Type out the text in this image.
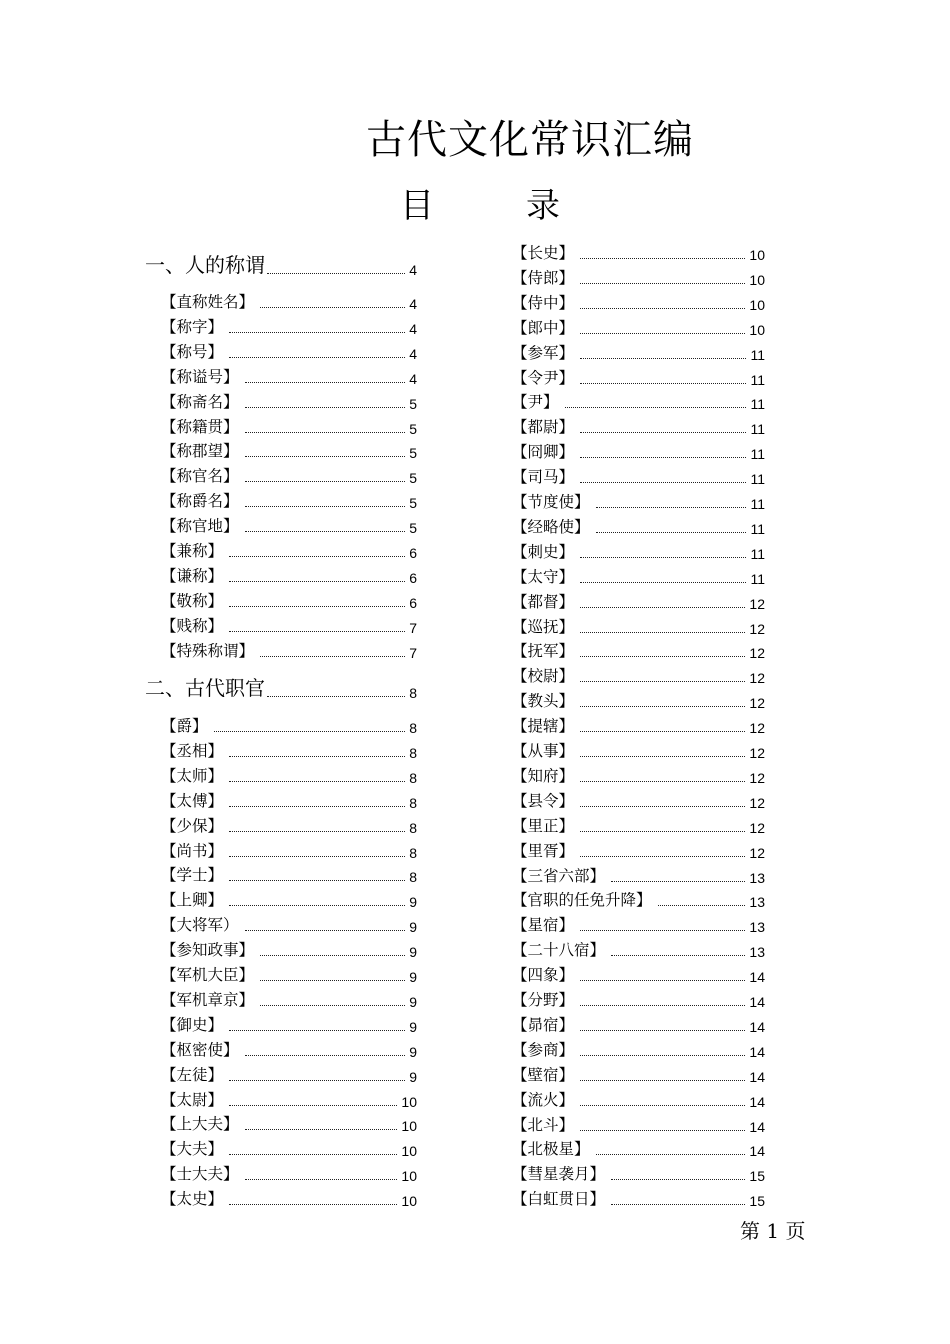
古代文化常识汇编
目	录
一、人的称谓	4
【直称姓名】	4
【称字】	4
【称号】	4
【称谥号】	4
【称斋名】	5
【称籍贯】	5
【称郡望】	5
【称官名】	5
【称爵名】	5
【称官地】	5
【兼称】	6
【谦称】	6
【敬称】	6
【贱称】	7
【特殊称谓】	7
二、古代职官	8
【爵】	8
【丞相】	8
【太师】	8
【太傅】	8
【少保】	8
【尚书】	8
【学士】	8
【上卿】	9
【大将军）	9
【参知政事】	9
【军机大臣】	9
【军机章京】	9
【御史】	9
【枢密使】	9
【左徒】	9
【太尉】	10
【上大夫】	10
【大夫】	10
【士大夫】	10
【太史】	10
【长史】	10
【侍郎】	10
【侍中】	10
【郎中】	10
【参军】	11
【令尹】	11
【尹】	11
【都尉】	11
【冏卿】	11
【司马】	11
【节度使】	11
【经略使】	11
【刺史】	11
【太守】	11
【都督】	12
【巡抚】	12
【抚军】	12
【校尉】	12
【教头】	12
【提辖】	12
【从事】	12
【知府】	12
【县令】	12
【里正】	12
【里胥】	12
【三省六部】	13
【官职的任免升降】	13
【星宿】	13
【二十八宿】	13
【四象】	14
【分野】	14
【昴宿】	14
【参商】	14
【壁宿】	14
【流火】	14
【北斗】	14
【北极星】	14
【彗星袭月】	15
【白虹贯日】	15
第 1 页
